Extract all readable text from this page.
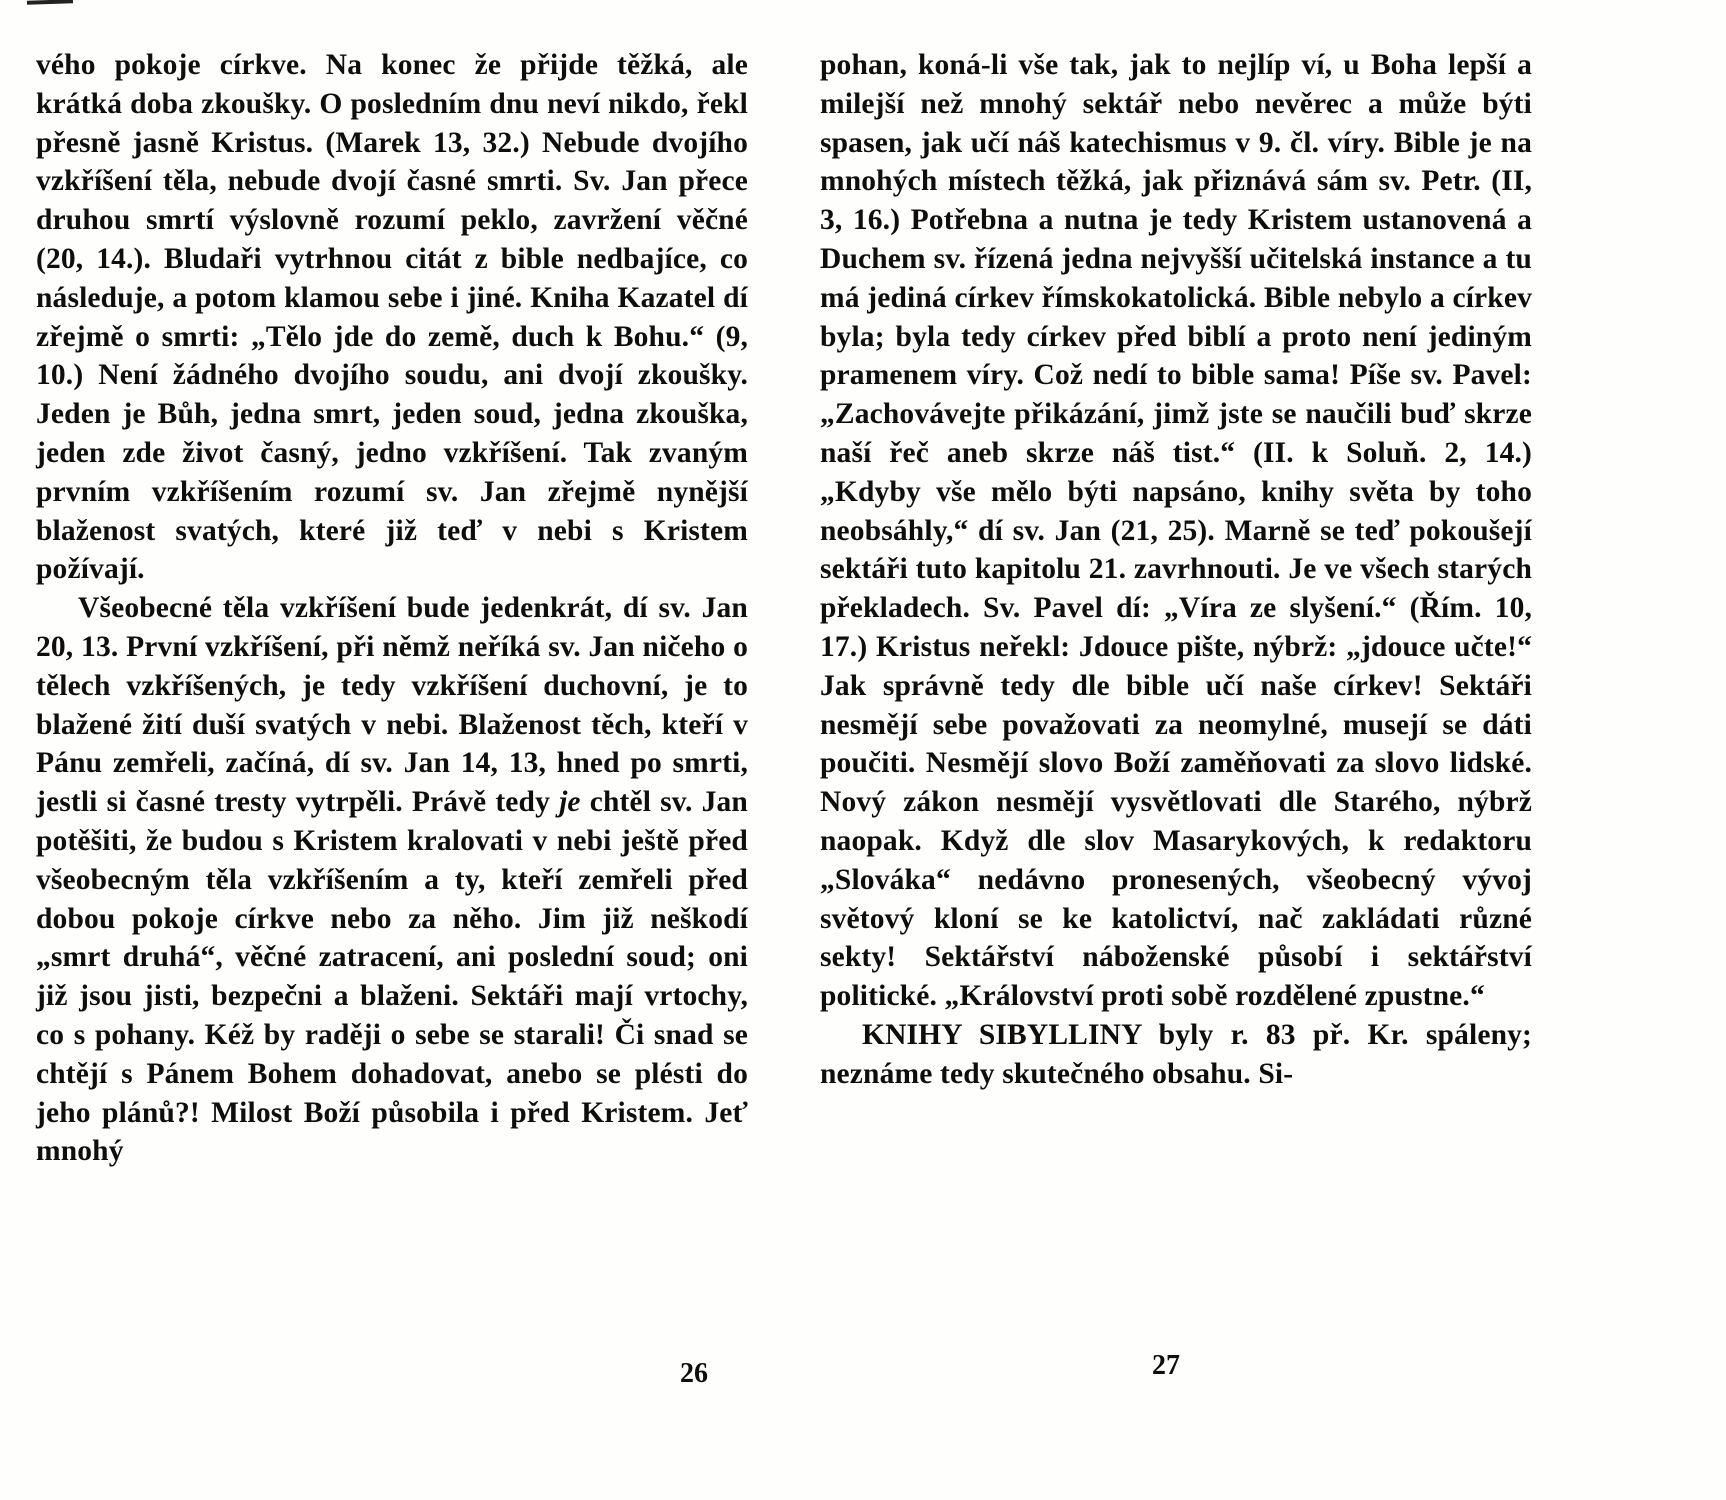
vého pokoje církve. Na konec že přijde těžká, ale krátká doba zkoušky. O posledním dnu neví nikdo, řekl přesně jasně Kristus. (Marek 13, 32.) Nebude dvojího vzkříšení těla, nebude dvojí časné smrti. Sv. Jan přece druhou smrtí výslovně rozumí peklo, zavržení věčné (20, 14.). Bludaři vytrhnou citát z bible nedbajíce, co následuje, a potom klamou sebe i jiné. Kniha Kazatel dí zřejmě o smrti: „Tělo jde do země, duch k Bohu.“ (9, 10.) Není žádného dvojího soudu, ani dvojí zkoušky. Jeden je Bůh, jedna smrt, jeden soud, jedna zkouška, jeden zde život časný, jedno vzkříšení. Tak zvaným prvním vzkříšením rozumí sv. Jan zřejmě nynější blaženost svatých, které již teď v nebi s Kristem požívají.

Všeobecné těla vzkříšení bude jedenkrát, dí sv. Jan 20, 13. První vzkříšení, při němž neříká sv. Jan ničeho o tělech vzkříšených, je tedy vzkříšení duchovní, je to blažené žití duší svatých v nebi. Blaženost těch, kteří v Pánu zemřeli, začíná, dí sv. Jan 14, 13, hned po smrti, jestli si časné tresty vytrpěli. Právě tedy je chtěl sv. Jan potěšiti, že budou s Kristem kralovati v nebi ještě před všeobecným těla vzkříšením a ty, kteří zemřeli před dobou pokoje církve nebo za něho. Jim již neškodí „smrt druhá“, věčné zatracení, ani poslední soud; oni již jsou jisti, bezpečni a blaženi. Sektáři mají vrtochy, co s pohany. Kéž by raději o sebe se starali! Či snad se chtějí s Pánem Bohem dohadovat, anebo se plésti do jeho plánů?! Milost Boží působila i před Kristem. Jeť mnohý

pohan, koná-li vše tak, jak to nejlíp ví, u Boha lepší a milejší než mnohý sektář nebo nevěrec a může býti spasen, jak učí náš katechismus v 9. čl. víry. Bible je na mnohých místech těžká, jak přiznává sám sv. Petr. (II, 3, 16.) Potřebna a nutna je tedy Kristem ustanovená a Duchem sv. řízená jedna nejvyšší učitelská instance a tu má jediná církev římskokatolická. Bible nebylo a církev byla; byla tedy církev před biblí a proto není jediným pramenem víry. Což nedí to bible sama! Píše sv. Pavel: „Zachovávejte přikázání, jimž jste se naučili buď skrze naší řeč aneb skrze náš tist.“ (II. k Soluň. 2, 14.) „Kdyby vše mělo býti napsáno, knihy světa by toho neobsáhly,“ dí sv. Jan (21, 25). Marně se teď pokoušejí sektáři tuto kapitolu 21. zavrhnouti. Je ve všech starých překladech. Sv. Pavel dí: „Víra ze slyšení.“ (Řím. 10, 17.) Kristus neřekl: Jdouce pište, nýbrž: „jdouce učte!“ Jak správně tedy dle bible učí naše církev! Sektáři nesmějí sebe považovati za neomylné, musejí se dáti poučiti. Nesmějí slovo Boží zaměňovati za slovo lidské. Nový zákon nesmějí vysvětlovati dle Starého, nýbrž naopak. Když dle slov Masarykových, k redaktoru „Slováka“ nedávno pronesených, všeobecný vývoj světový kloní se ke katolictví, nač zakládati různé sekty! Sektářství náboženské působí i sektářství politické. „Království proti sobě rozdělené zpustne.“

KNIHY SIBYLLINY byly r. 83 př. Kr. spáleny; neznáme tedy skutečného obsahu. Si-

26	27
